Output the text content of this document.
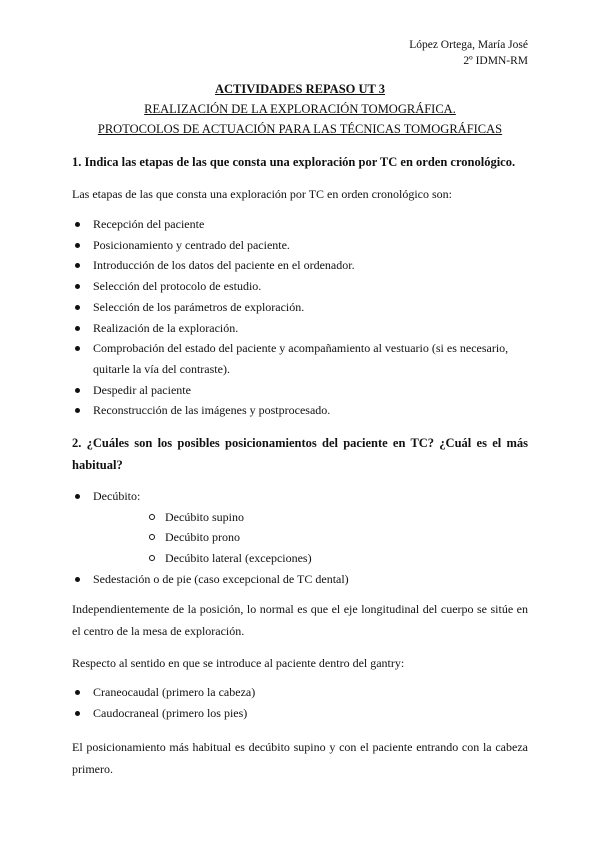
López Ortega, María José
2º IDMN-RM
ACTIVIDADES REPASO UT 3
REALIZACIÓN DE LA EXPLORACIÓN TOMOGRÁFICA.
PROTOCOLOS DE ACTUACIÓN PARA LAS TÉCNICAS TOMOGRÁFICAS
1. Indica las etapas de las que consta una exploración por TC en orden cronológico.
Las etapas de las que consta una exploración por TC en orden cronológico son:
Recepción del paciente
Posicionamiento y centrado del paciente.
Introducción de los datos del paciente en el ordenador.
Selección del protocolo de estudio.
Selección de los parámetros de exploración.
Realización de la exploración.
Comprobación del estado del paciente y acompañamiento al vestuario (si es necesario, quitarle la vía del contraste).
Despedir al paciente
Reconstrucción de las imágenes y postprocesado.
2. ¿Cuáles son los posibles posicionamientos del paciente en TC? ¿Cuál es el más habitual?
Decúbito:
Decúbito supino
Decúbito prono
Decúbito lateral (excepciones)
Sedestación o de pie (caso excepcional de TC dental)
Independientemente de la posición, lo normal es que el eje longitudinal del cuerpo se sitúe en el centro de la mesa de exploración.
Respecto al sentido en que se introduce al paciente dentro del gantry:
Craneocaudal (primero la cabeza)
Caudocraneal (primero los pies)
El posicionamiento más habitual es decúbito supino y con el paciente entrando con la cabeza primero.
